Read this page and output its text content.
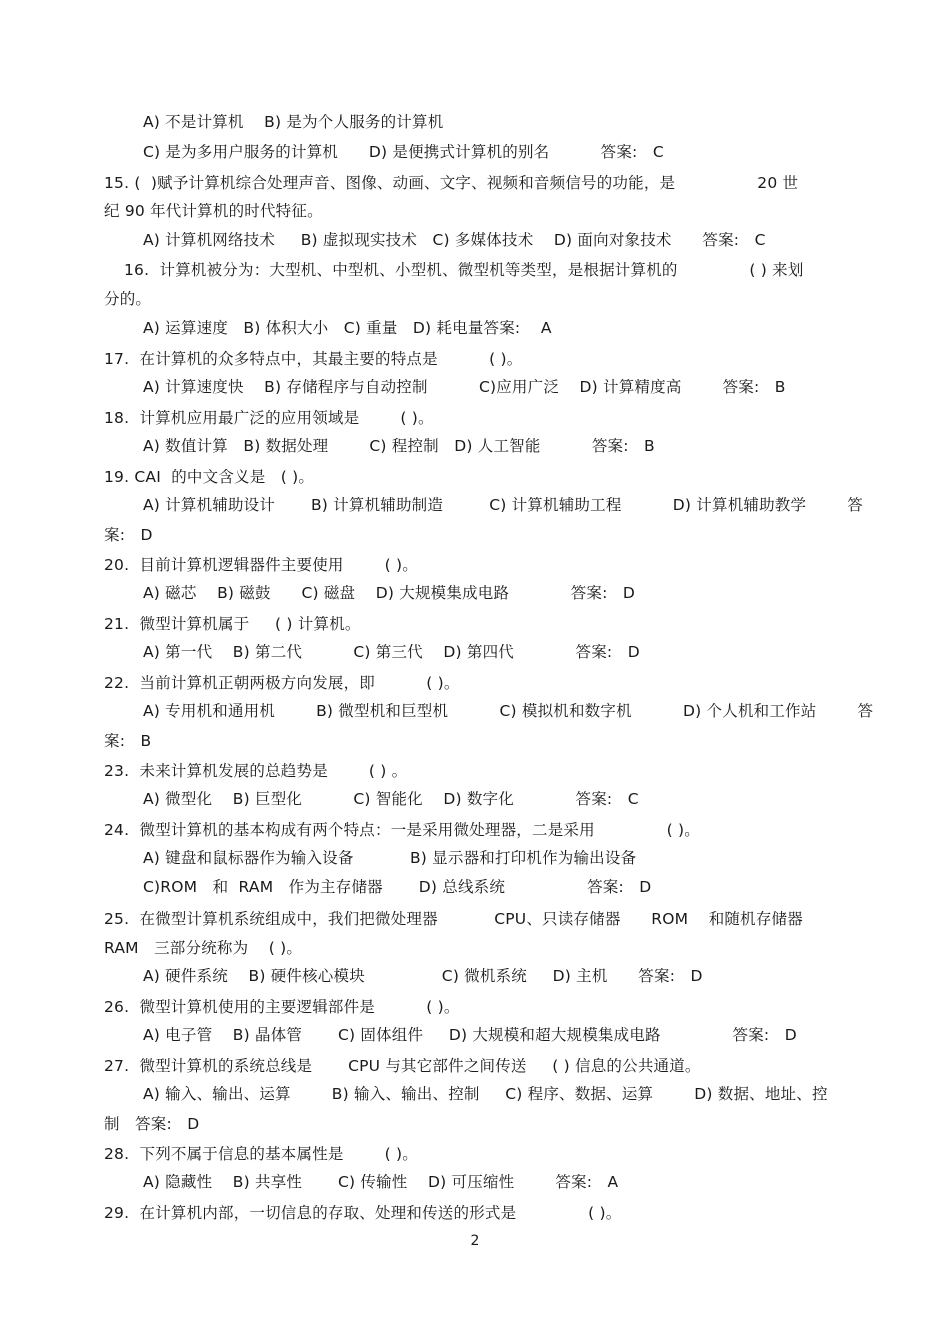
A) 不是计算机    B) 是为个人服务的计算机
C) 是为多用户服务的计算机      D) 是便携式计算机的别名          答案:   C
15. (  )赋予计算机综合处理声音、图像、动画、文字、视频和音频信号的功能，是                20 世
纪 90 年代计算机的时代特征。
A) 计算机网络技术     B) 虚拟现实技术   C) 多媒体技术    D) 面向对象技术      答案:   C
16.  计算机被分为：大型机、中型机、小型机、微型机等类型，是根据计算机的              ( ) 来划
分的。
A) 运算速度   B) 体积大小   C) 重量   D) 耗电量答案:    A
17.  在计算机的众多特点中，其最主要的特点是          ( )。
A) 计算速度快    B) 存储程序与自动控制          C)应用广泛    D) 计算精度高        答案:   B
18.  计算机应用最广泛的应用领域是        ( )。
A) 数值计算   B) 数据处理        C) 程控制   D) 人工智能          答案:   B
19. CAI  的中文含义是   ( )。
A) 计算机辅助设计       B) 计算机辅助制造         C) 计算机辅助工程          D) 计算机辅助教学        答
案:   D
20.  目前计算机逻辑器件主要使用        ( )。
A) 磁芯    B) 磁鼓      C) 磁盘    D) 大规模集成电路            答案:   D
21.  微型计算机属于     ( ) 计算机。
A) 第一代    B) 第二代          C) 第三代    D) 第四代            答案:   D
22.  当前计算机正朝两极方向发展，即          ( )。
A) 专用机和通用机        B) 微型机和巨型机          C) 模拟机和数字机          D) 个人机和工作站        答
案:   B
23.  未来计算机发展的总趋势是        ( ) 。
A) 微型化    B) 巨型化          C) 智能化    D) 数字化            答案:   C
24.  微型计算机的基本构成有两个特点：一是采用微处理器，二是采用              ( )。
A) 键盘和鼠标器作为输入设备           B) 显示器和打印机作为输出设备
C)ROM   和  RAM   作为主存储器       D) 总线系统                答案:   D
25.  在微型计算机系统组成中，我们把微处理器           CPU、只读存储器      ROM    和随机存储器
RAM   三部分统称为    ( )。
A) 硬件系统    B) 硬件核心模块               C) 微机系统     D) 主机      答案:   D
26.  微型计算机使用的主要逻辑部件是          ( )。
A) 电子管    B) 晶体管       C) 固体组件     D) 大规模和超大规模集成电路              答案:   D
27.  微型计算机的系统总线是       CPU 与其它部件之间传送     ( ) 信息的公共通道。
A) 输入、输出、运算        B) 输入、输出、控制     C) 程序、数据、运算        D) 数据、地址、控
制   答案:   D
28.  下列不属于信息的基本属性是        ( )。
A) 隐藏性    B) 共享性       C) 传输性    D) 可压缩性        答案:   A
29.  在计算机内部，一切信息的存取、处理和传送的形式是              ( )。
2
